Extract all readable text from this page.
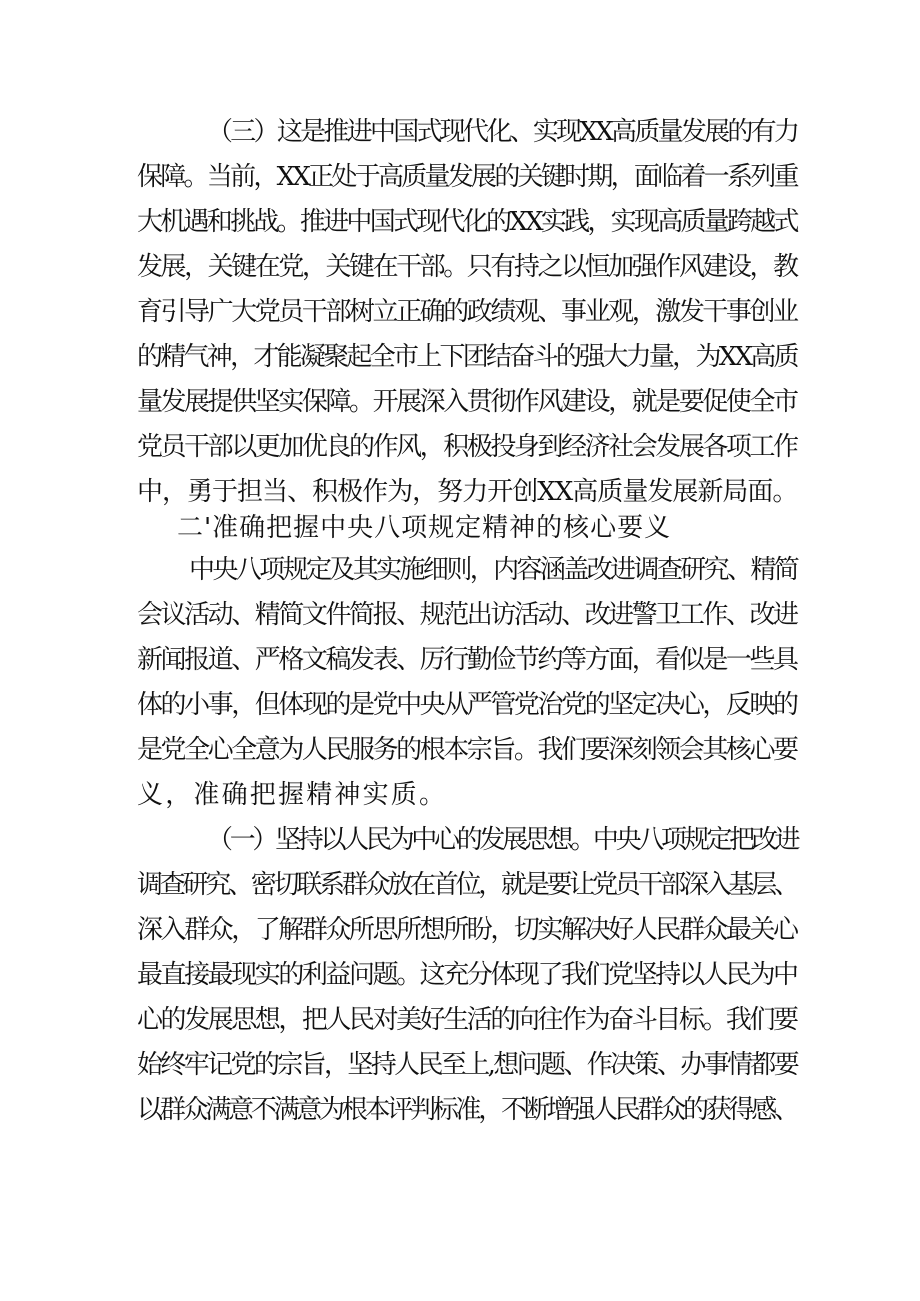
（三）这是推进中国式现代化、实现XX高质量发展的有力
保障。当前，XX正处于高质量发展的关键时期，面临着一系列重
大机遇和挑战。推进中国式现代化的XX实践，实现高质量跨越式
发展，关键在党，关键在干部。只有持之以恒加强作风建设，教
育引导广大党员干部树立正确的政绩观、事业观，激发干事创业
的精气神，才能凝聚起全市上下团结奋斗的强大力量，为XX高质
量发展提供坚实保障。开展深入贯彻作风建设，就是要促使全市
党员干部以更加优良的作风，积极投身到经济社会发展各项工作
中，勇于担当、积极作为，努力开创XX高质量发展新局面。
二'准确把握中央八项规定精神的核心要义
中央八项规定及其实施细则，内容涵盖改进调查研究、精简
会议活动、精简文件简报、规范出访活动、改进警卫工作、改进
新闻报道、严格文稿发表、厉行勤俭节约等方面，看似是一些具
体的小事，但体现的是党中央从严管党治党的坚定决心，反映的
是党全心全意为人民服务的根本宗旨。我们要深刻领会其核心要
义，准确把握精神实质。
（一）坚持以人民为中心的发展思想。中央八项规定把改进
调查研究、密切联系群众放在首位，就是要让党员干部深入基层、
深入群众，了解群众所思所想所盼，切实解决好人民群众最关心
最直接最现实的利益问题。这充分体现了我们党坚持以人民为中
心的发展思想，把人民对美好生活的向往作为奋斗目标。我们要
始终牢记党的宗旨，坚持人民至上,想问题、作决策、办事情都要
以群众满意不满意为根本评判标准，不断增强人民群众的获得感、
